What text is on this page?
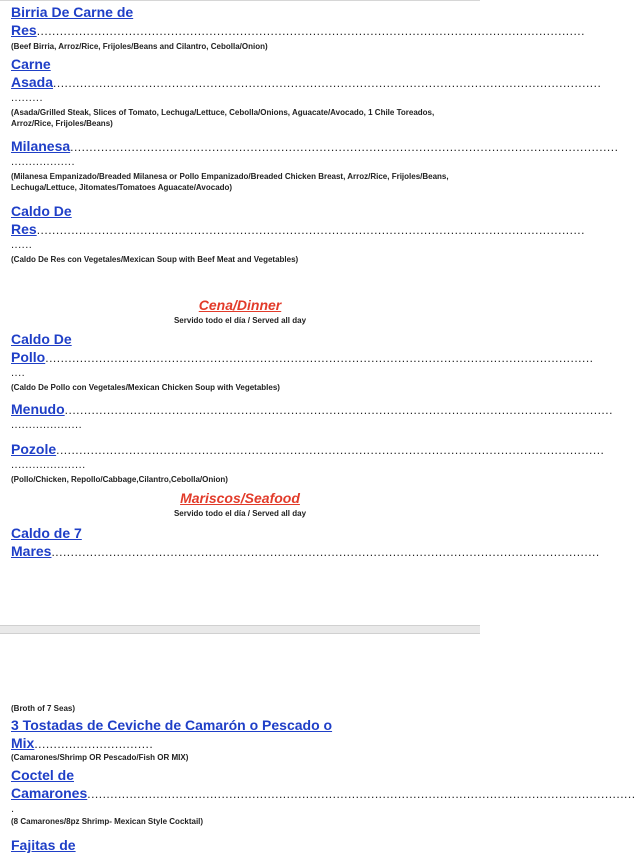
Birria De Carne de
Res...............................................................................................................................................
(Beef Birria, Arroz/Rice, Frijoles/Beans and Cilantro, Cebolla/Onion)
Carne
Asada...............................................................................................................................................
.........
(Asada/Grilled Steak, Slices of Tomato, Lechuga/Lettuce, Cebolla/Onions, Aguacate/Avocado, 1 Chile Toreados, Arroz/Rice, Frijoles/Beans)
Milanesa...............................................................................................................................................
..................
(Milanesa Empanizado/Breaded Milanesa or Pollo Empanizado/Breaded Chicken Breast, Arroz/Rice, Frijoles/Beans, Lechuga/Lettuce, Jitomates/Tomatoes Aguacate/Avocado)
Caldo De
Res...............................................................................................................................................
......
(Caldo De Res con Vegetales/Mexican Soup with Beef Meat and Vegetables)
Cena/Dinner
Servido todo el día / Served all day
Caldo De
Pollo...............................................................................................................................................
....
(Caldo De Pollo con Vegetales/Mexican Chicken Soup with Vegetables)
Menudo...............................................................................................................................................
....................
Pozole...............................................................................................................................................
.....................
(Pollo/Chicken, Repollo/Cabbage,Cilantro,Cebolla/Onion)
Mariscos/Seafood
Servido todo el día / Served all day
Caldo de 7
Mares...............................................................................................................................................
(Broth of 7 Seas)
3 Tostadas de Ceviche de Camarón o Pescado o
Mix...............................
(Camarones/Shrimp OR Pescado/Fish OR MIX)
Coctel de
Camarones...............................................................................................................................................
.
(8 Camarones/8pz Shrimp- Mexican Style Cocktail)
Fajitas de
